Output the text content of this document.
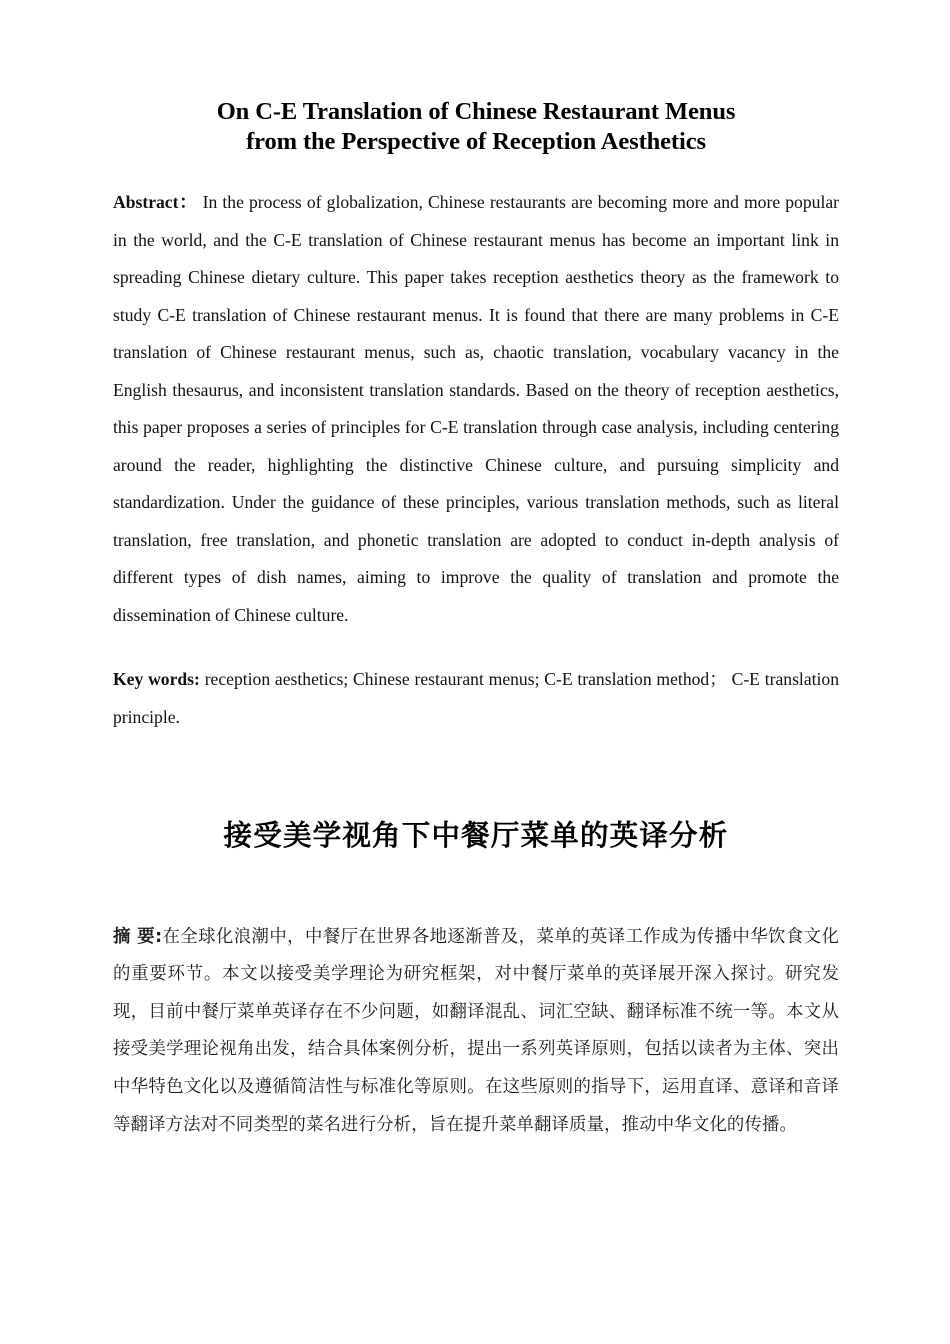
On C-E Translation of Chinese Restaurant Menus
from the Perspective of Reception Aesthetics

Abstract： In the process of globalization, Chinese restaurants are becoming more and more popular in the world, and the C-E translation of Chinese restaurant menus has become an important link in spreading Chinese dietary culture. This paper takes reception aesthetics theory as the framework to study C-E translation of Chinese restaurant menus. It is found that there are many problems in C-E translation of Chinese restaurant menus, such as, chaotic translation, vocabulary vacancy in the English thesaurus, and inconsistent translation standards. Based on the theory of reception aesthetics, this paper proposes a series of principles for C-E translation through case analysis, including centering around the reader, highlighting the distinctive Chinese culture, and pursuing simplicity and standardization. Under the guidance of these principles, various translation methods, such as literal translation, free translation, and phonetic translation are adopted to conduct in-depth analysis of different types of dish names, aiming to improve the quality of translation and promote the dissemination of Chinese culture.

Key words: reception aesthetics; Chinese restaurant menus; C-E translation method； C-E translation principle.

接受美学视角下中餐厅菜单的英译分析

摘 要:在全球化浪潮中，中餐厅在世界各地逐渐普及，菜单的英译工作成为传播中华饮食文化的重要环节。本文以接受美学理论为研究框架，对中餐厅菜单的英译展开深入探讨。研究发现，目前中餐厅菜单英译存在不少问题，如翻译混乱、词汇空缺、翻译标准不统一等。本文从接受美学理论视角出发，结合具体案例分析，提出一系列英译原则，包括以读者为主体、突出中华特色文化以及遵循简洁性与标准化等原则。在这些原则的指导下，运用直译、意译和音译等翻译方法对不同类型的菜名进行分析，旨在提升菜单翻译质量，推动中华文化的传播。
